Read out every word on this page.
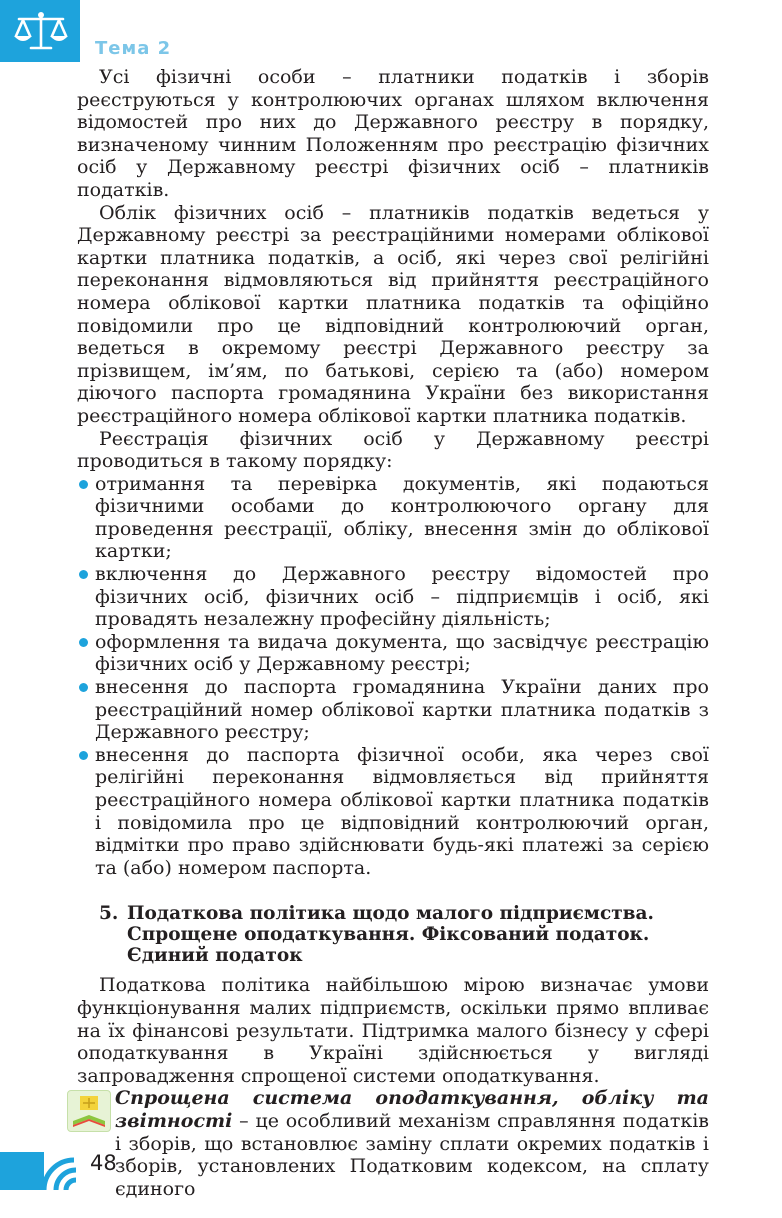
Тема 2

Усі фізичні особи – платники податків і зборів реєструються у контролюючих органах шляхом включення відомостей про них до Державного реєстру в порядку, визначеному чинним Положенням про реєстрацію фізичних осіб у Державному реєстрі фізичних осіб – платників податків.

Облік фізичних осіб – платників податків ведеться у Державному реєстрі за реєстраційними номерами облікової картки платника податків, а осіб, які через свої релігійні переконання відмовляються від прийняття реєстраційного номера облікової картки платника податків та офіційно повідомили про це відповідний контролюючий орган, ведеться в окремому реєстрі Державного реєстру за прізвищем, ім’ям, по батькові, серією та (або) номером діючого паспорта громадянина України без використання реєстраційного номера облікової картки платника податків.

Реєстрація фізичних осіб у Державному реєстрі проводиться в такому порядку:

отримання та перевірка документів, які подаються фізичними особами до контролюючого органу для проведення реєстрації, обліку, внесення змін до облікової картки;
включення до Державного реєстру відомостей про фізичних осіб, фізичних осіб – підприємців і осіб, які провадять незалежну професійну діяльність;
оформлення та видача документа, що засвідчує реєстрацію фізичних осіб у Державному реєстрі;
внесення до паспорта громадянина України даних про реєстраційний номер облікової картки платника податків з Державного реєстру;
внесення до паспорта фізичної особи, яка через свої релігійні переконання відмовляється від прийняття реєстраційного номера облікової картки платника податків і повідомила про це відповідний контролюючий орган, відмітки про право здійснювати будь-які платежі за серією та (або) номером паспорта.
5. Податкова політика щодо малого підприємства. Спрощене оподаткування. Фіксований податок. Єдиний податок

Податкова політика найбільшою мірою визначає умови функціонування малих підприємств, оскільки прямо впливає на їх фінансові результати. Підтримка малого бізнесу у сфері оподаткування в Україні здійснюється у вигляді запровадження спрощеної системи оподаткування.

Спрощена система оподаткування, обліку та звітності – це особливий механізм справляння податків і зборів, що встановлює заміну сплати окремих податків і зборів, установлених Податковим кодексом, на сплату єдиного
48
